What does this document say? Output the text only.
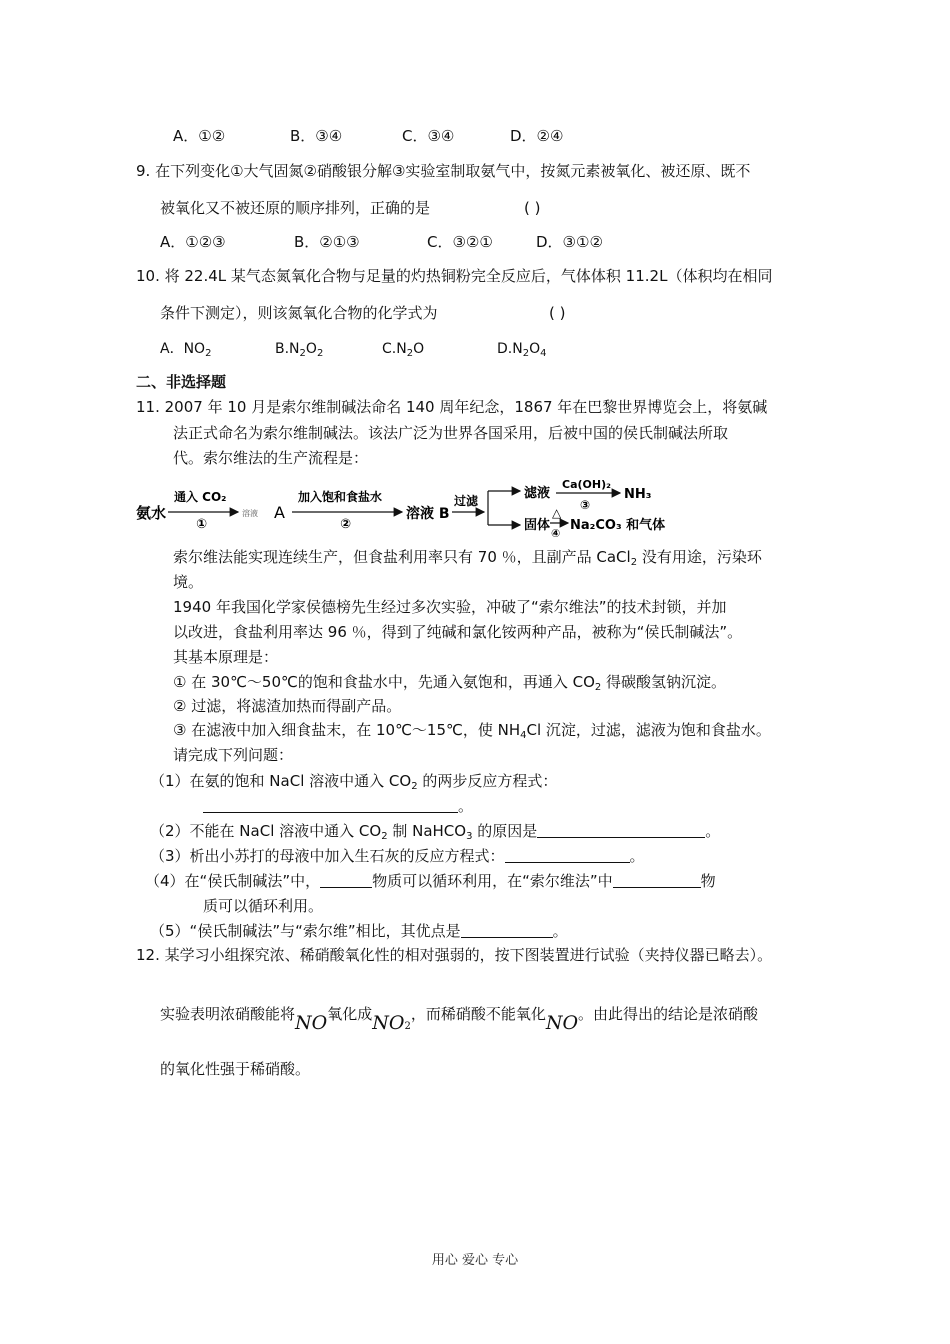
A．①②	B．③④	C．③④	D．②④
9. 在下列变化①大气固氮②硝酸银分解③实验室制取氨气中，按氮元素被氧化、被还原、既不
被氧化又不被还原的顺序排列，正确的是	( )
A．①②③	B．②①③	C．③②①	D．③①②
10. 将 22.4L 某气态氮氧化合物与足量的灼热铜粉完全反应后，气体体积 11.2L（体积均在相同
条件下测定），则该氮氧化合物的化学式为	( )
A．$NO_2$	$B.N_2O_2$	$C.N_2O$	$D.N_2O_4$
二、非选择题
11. 2007 年 10 月是索尔维制碱法命名 140 周年纪念，1867 年在巴黎世界博览会上，将氨碱
法正式命名为索尔维制碱法。该法广泛为世界各国采用，后被中国的侯氏制碱法所取
代。索尔维法的生产流程是：
氨水
通入 CO₂
①
溶液 A
加入饱和食盐水
②
溶液 B
过滤	滤液
Ca(OH)₂
③
NH₃
固体
△
④
Na₂CO₃ 和气体
索尔维法能实现连续生产，但食盐利用率只有 70 ％，且副产品 CaCl$_2$ 没有用途，污染环
境。
1940 年我国化学家侯德榜先生经过多次实验，冲破了“索尔维法”的技术封锁，并加
以改进，食盐利用率达 96 ％，得到了纯碱和氯化铵两种产品，被称为“侯氏制碱法”。
其基本原理是：
① 在 30℃～50℃的饱和食盐水中，先通入氨饱和，再通入 $CO_2$ 得碳酸氢钠沉淀。
② 过滤，将滤渣加热而得副产品。
③ 在滤液中加入细食盐末，在 10℃～15℃，使 $NH_4Cl$ 沉淀，过滤，滤液为饱和食盐水。
请完成下列问题：
（1）在氨的饱和 NaCl 溶液中通入 $CO_2$ 的两步反应方程式：
。
（2）不能在 NaCl 溶液中通入 $CO_2$ 制 NaHCO$_3$ 的原因是	。
（3）析出小苏打的母液中加入生石灰的反应方程式：	。
（4）在“侯氏制碱法”中，	物质可以循环利用，在“索尔维法”中	物
质可以循环利用。
（5）“侯氏制碱法”与“索尔维”相比，其优点是	。
12. 某学习小组探究浓、稀硝酸氧化性的相对强弱的，按下图装置进行试验（夹持仪器已略去）。
实验表明浓硝酸能将NO氧化成NO2，而稀硝酸不能氧化NO。由此得出的结论是浓硝酸
的氧化性强于稀硝酸。
用心 爱心 专心
